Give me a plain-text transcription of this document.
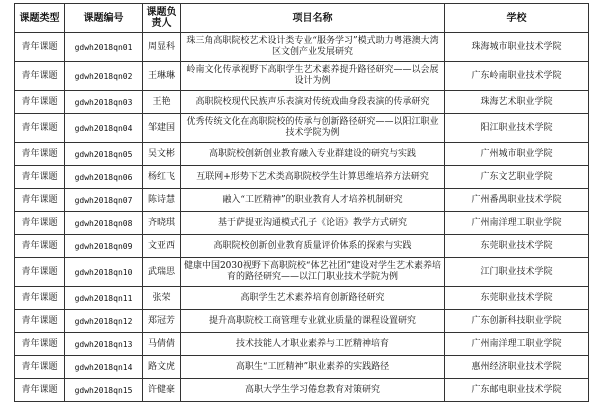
课题类型	课题编号	课题负责人	项目名称	学校
青年课题	gdwh2018qn01	周显科	珠三角高职院校艺术设计类专业“服务学习”模式助力粤港澳大湾区文创产业发展研究	珠海城市职业技术学院
青年课题	gdwh2018qn02	王琳琳	岭南文化传承视野下高职学生艺术素养提升路径研究——以会展设计为例	广东岭南职业技术学院
青年课题	gdwh2018qn03	王艳	高职院校现代民族声乐表演对传统戏曲身段表演的传承研究	珠海艺术职业学院
青年课题	gdwh2018qn04	邹建国	优秀传统文化在高职院校的传承与创新路径研究——以阳江职业技术学院为例	阳江职业技术学院
青年课题	gdwh2018qn05	吴文彬	高职院校创新创业教育融入专业群建设的研究与实践	广州城市职业学院
青年课题	gdwh2018qn06	杨红飞	互联网+形势下艺术类高职院校学生计算思维培养方法研究	广东文艺职业学院
青年课题	gdwh2018qn07	陈诗慧	融入“工匠精神”的职业教育人才培养机制研究	广州番禺职业技术学院
青年课题	gdwh2018qn08	齐晓琪	基于萨提亚沟通模式孔子《论语》教学方式研究	广州南洋理工职业学院
青年课题	gdwh2018qn09	文亚西	高职院校创新创业教育质量评价体系的探索与实践	东莞职业技术学院
青年课题	gdwh2018qn10	武瑞思	健康中国2030视野下高职院校“体艺社团”建设对学生艺术素养培育的路径研究——以江门职业技术学院为例	江门职业技术学院
青年课题	gdwh2018qn11	张荣	高职学生艺术素养培育创新路径研究	东莞职业技术学院
青年课题	gdwh2018qn12	郑冠芳	提升高职院校工商管理专业就业质量的课程设置研究	广东创新科技职业学院
青年课题	gdwh2018qn13	马倩倩	技术技能人才职业素养与工匠精神培育	广州南洋理工职业学院
青年课题	gdwh2018qn14	路文虎	高职生“工匠精神”职业素养的实践路径	惠州经济职业技术学院
青年课题	gdwh2018qn15	许健豪	高职大学生学习倦怠教育对策研究	广东邮电职业技术学院
